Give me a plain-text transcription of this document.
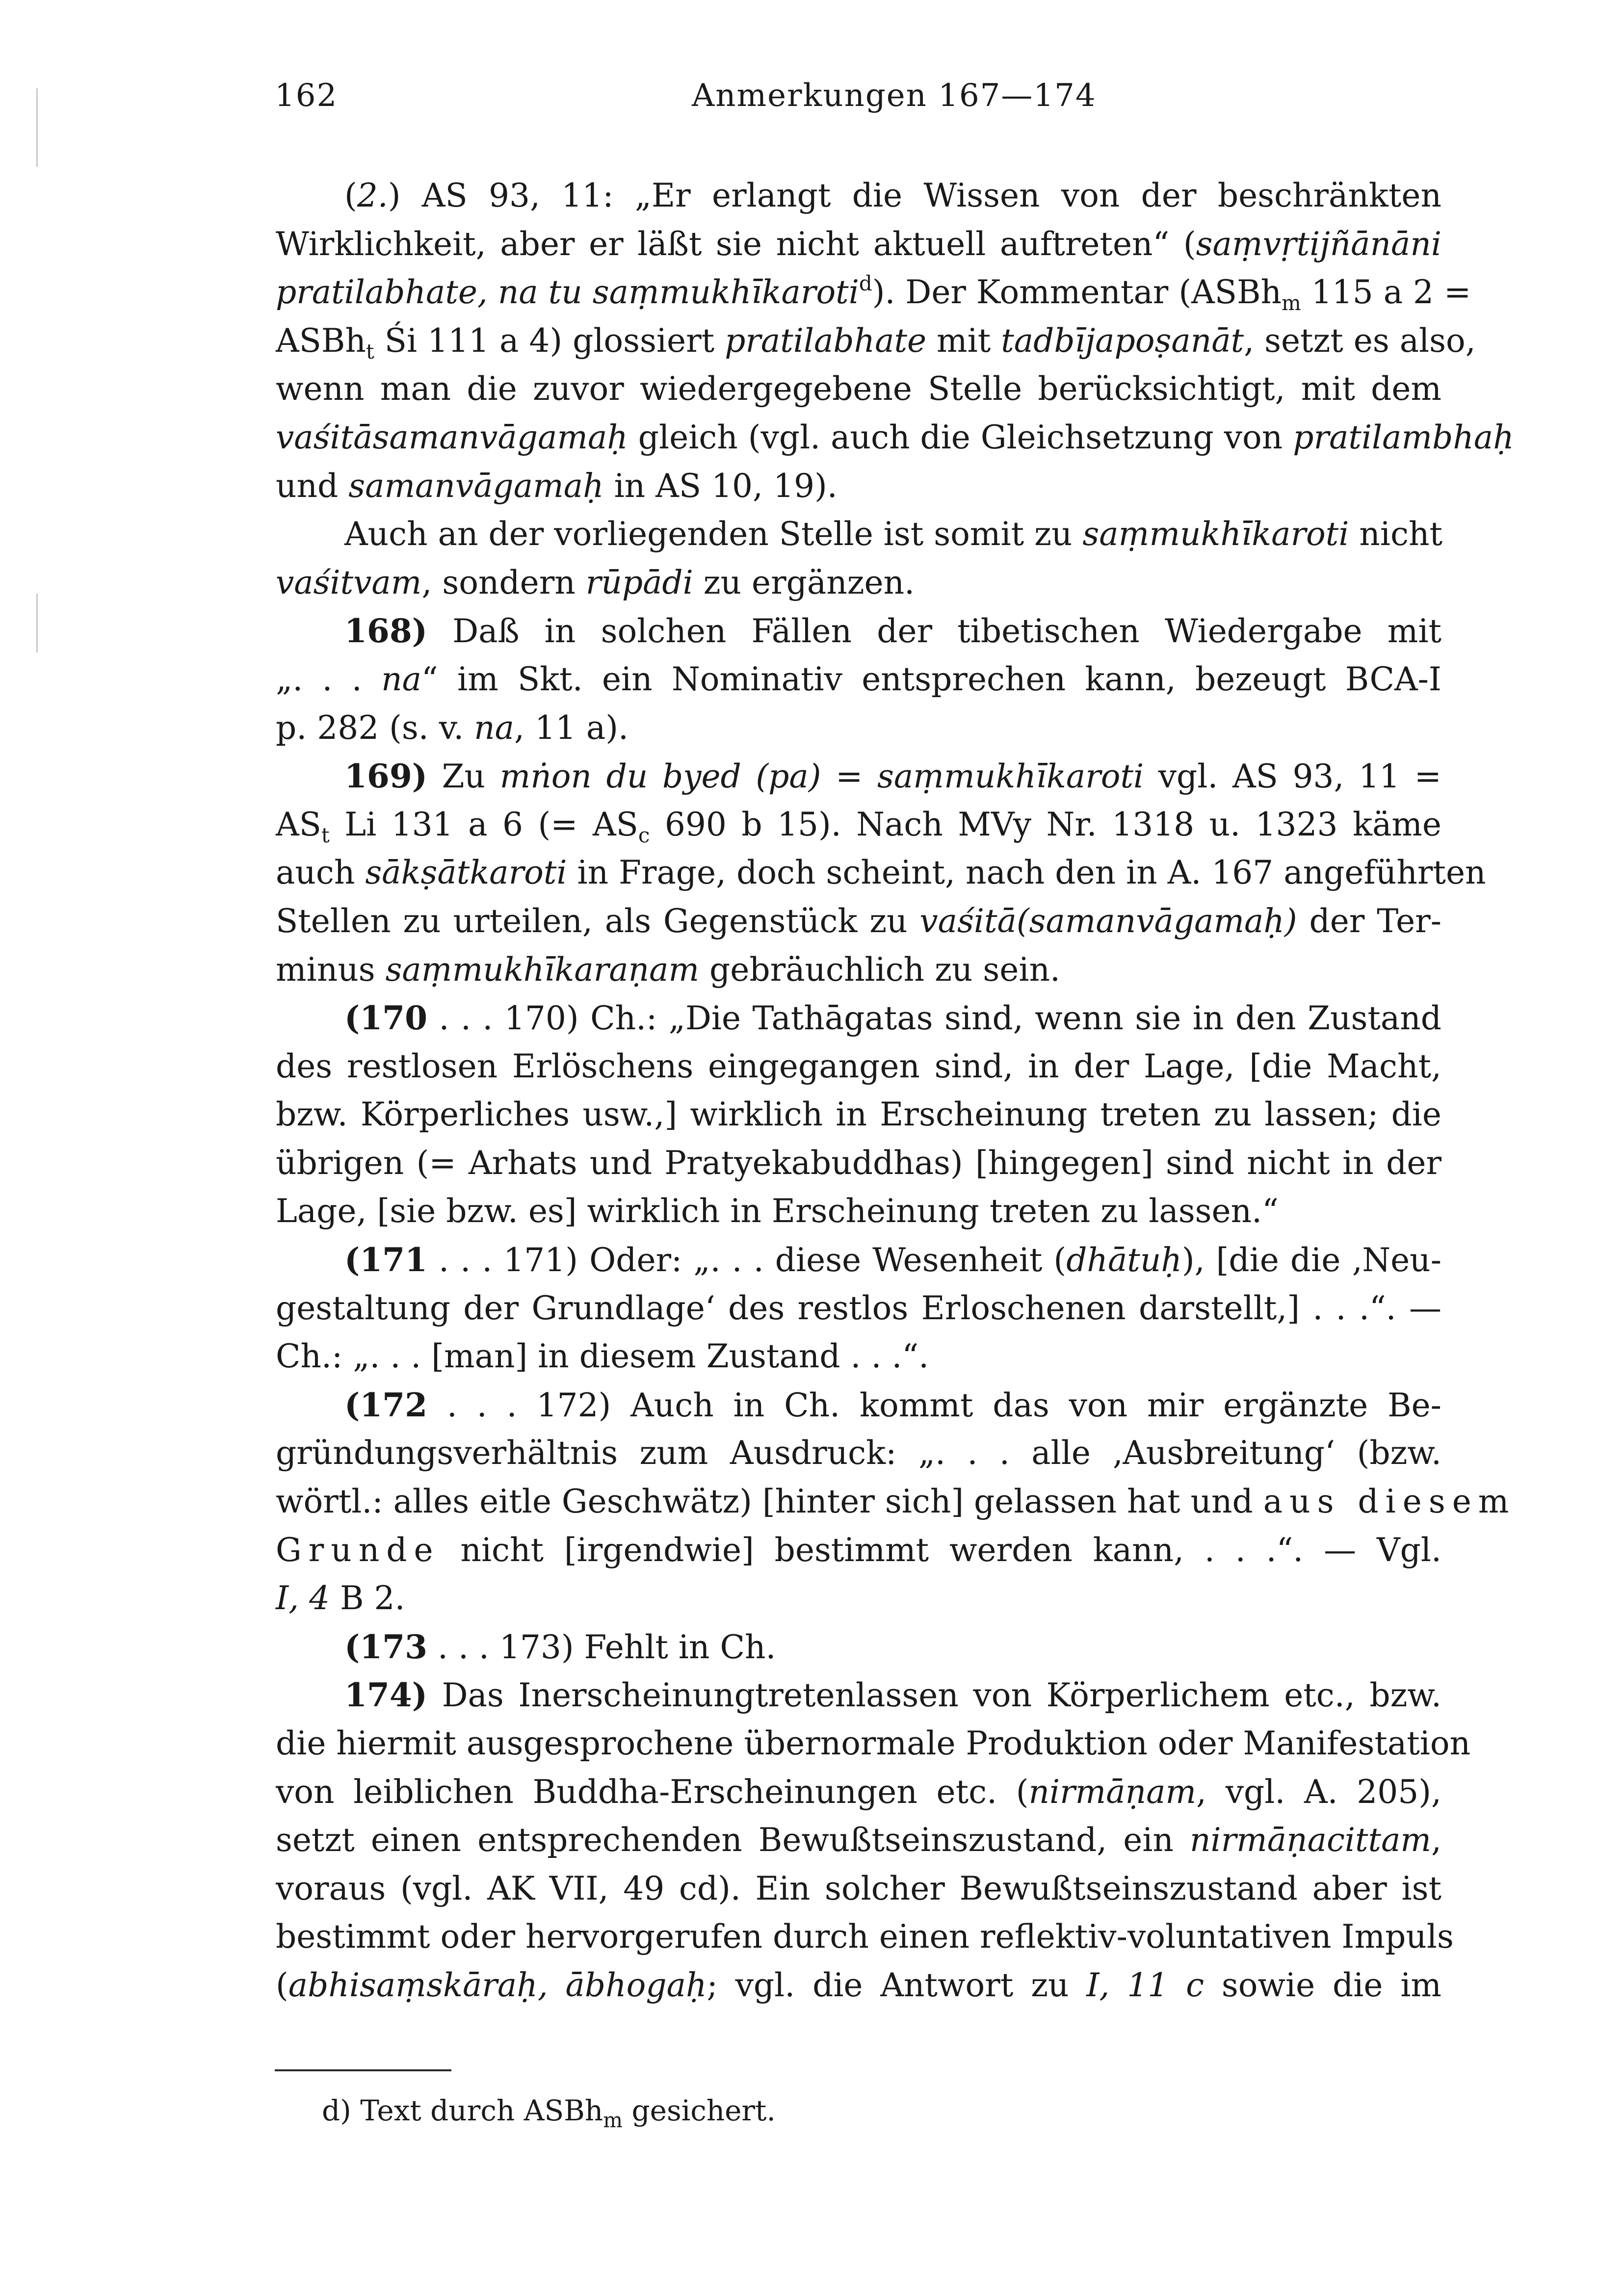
162	Anmerkungen 167—174
(2.) AS 93, 11: „Er erlangt die Wissen von der beschränkten
Wirklichkeit, aber er läßt sie nicht aktuell auftreten“ (saṃvṛtijñānāni
pratilabhate, na tu saṃmukhīkaroti$^d$). Der Kommentar (ASBh$_m$ 115 a 2 =
ASBh$_t$ Śi 111 a 4) glossiert pratilabhate mit tadbījapoṣanāt, setzt es also,
wenn man die zuvor wiedergegebene Stelle berücksichtigt, mit dem
vaśitāsamanvāgamaḥ gleich (vgl. auch die Gleichsetzung von pratilambhaḥ
und samanvāgamaḥ in AS 10, 19).
Auch an der vorliegenden Stelle ist somit zu saṃmukhīkaroti nicht
vaśitvam, sondern rūpādi zu ergänzen.
168) Daß in solchen Fällen der tibetischen Wiedergabe mit
„. . . na“ im Skt. ein Nominativ entsprechen kann, bezeugt BCA-I
p. 282 (s. v. na, 11 a).
169) Zu mṅon du byed (pa) = saṃmukhīkaroti vgl. AS 93, 11 =
$AS_t$ Li 131 a 6 (= $AS_c$ 690 b 15). Nach MVy Nr. 1318 u. 1323 käme
auch sākṣātkaroti in Frage, doch scheint, nach den in A. 167 angeführten
Stellen zu urteilen, als Gegenstück zu vaśitā(samanvāgamaḥ) der Ter-
minus saṃmukhīkaraṇam gebräuchlich zu sein.
(170 . . . 170) Ch.: „Die Tathāgatas sind, wenn sie in den Zustand
des restlosen Erlöschens eingegangen sind, in der Lage, [die Macht,
bzw. Körperliches usw.,] wirklich in Erscheinung treten zu lassen; die
übrigen (= Arhats und Pratyekabuddhas) [hingegen] sind nicht in der
Lage, [sie bzw. es] wirklich in Erscheinung treten zu lassen.“
(171 . . . 171) Oder: „. . . diese Wesenheit (dhātuḥ), [die die ‚Neu-
gestaltung der Grundlage‘ des restlos Erloschenen darstellt,] . . .“. —
Ch.: „. . . [man] in diesem Zustand . . .“.
(172 . . . 172) Auch in Ch. kommt das von mir ergänzte Be-
gründungsverhältnis zum Ausdruck: „. . . alle ‚Ausbreitung‘ (bzw.
wörtl.: alles eitle Geschwätz) [hinter sich] gelassen hat und aus diesem
Grunde nicht [irgendwie] bestimmt werden kann, . . .“. — Vgl.
I, 4 B 2.
(173 . . . 173) Fehlt in Ch.
174) Das Inerscheinungtretenlassen von Körperlichem etc., bzw.
die hiermit ausgesprochene übernormale Produktion oder Manifestation
von leiblichen Buddha-Erscheinungen etc. (nirmāṇam, vgl. A. 205),
setzt einen entsprechenden Bewußtseinszustand, ein nirmāṇacittam,
voraus (vgl. AK VII, 49 cd). Ein solcher Bewußtseinszustand aber ist
bestimmt oder hervorgerufen durch einen reflektiv-voluntativen Impuls
(abhisaṃskāraḥ, ābhogaḥ; vgl. die Antwort zu I, 11 c sowie die im
d) Text durch ASBh$_m$ gesichert.
